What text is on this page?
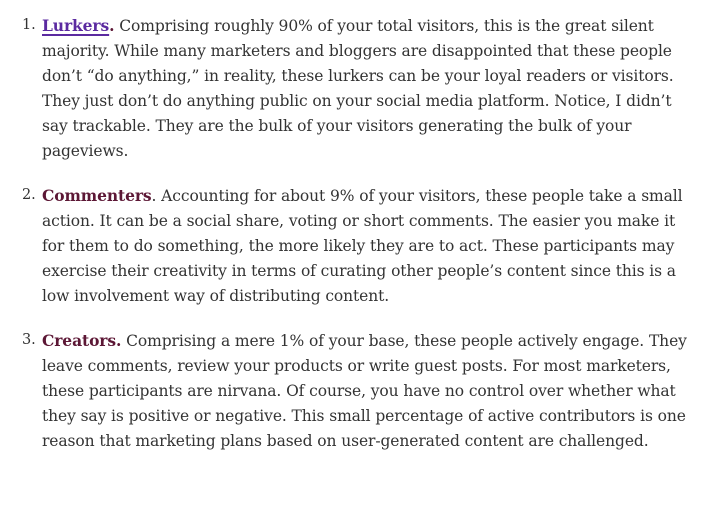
1. Lurkers. Comprising roughly 90% of your total visitors, this is the great silent majority. While many marketers and bloggers are disappointed that these people don’t “do anything,” in reality, these lurkers can be your loyal readers or visitors. They just don’t do anything public on your social media platform. Notice, I didn’t say trackable. They are the bulk of your visitors generating the bulk of your pageviews.
2. Commenters. Accounting for about 9% of your visitors, these people take a small action. It can be a social share, voting or short comments. The easier you make it for them to do something, the more likely they are to act. These participants may exercise their creativity in terms of curating other people’s content since this is a low involvement way of distributing content.
3. Creators. Comprising a mere 1% of your base, these people actively engage. They leave comments, review your products or write guest posts. For most marketers, these participants are nirvana. Of course, you have no control over whether what they say is positive or negative. This small percentage of active contributors is one reason that marketing plans based on user-generated content are challenged.
